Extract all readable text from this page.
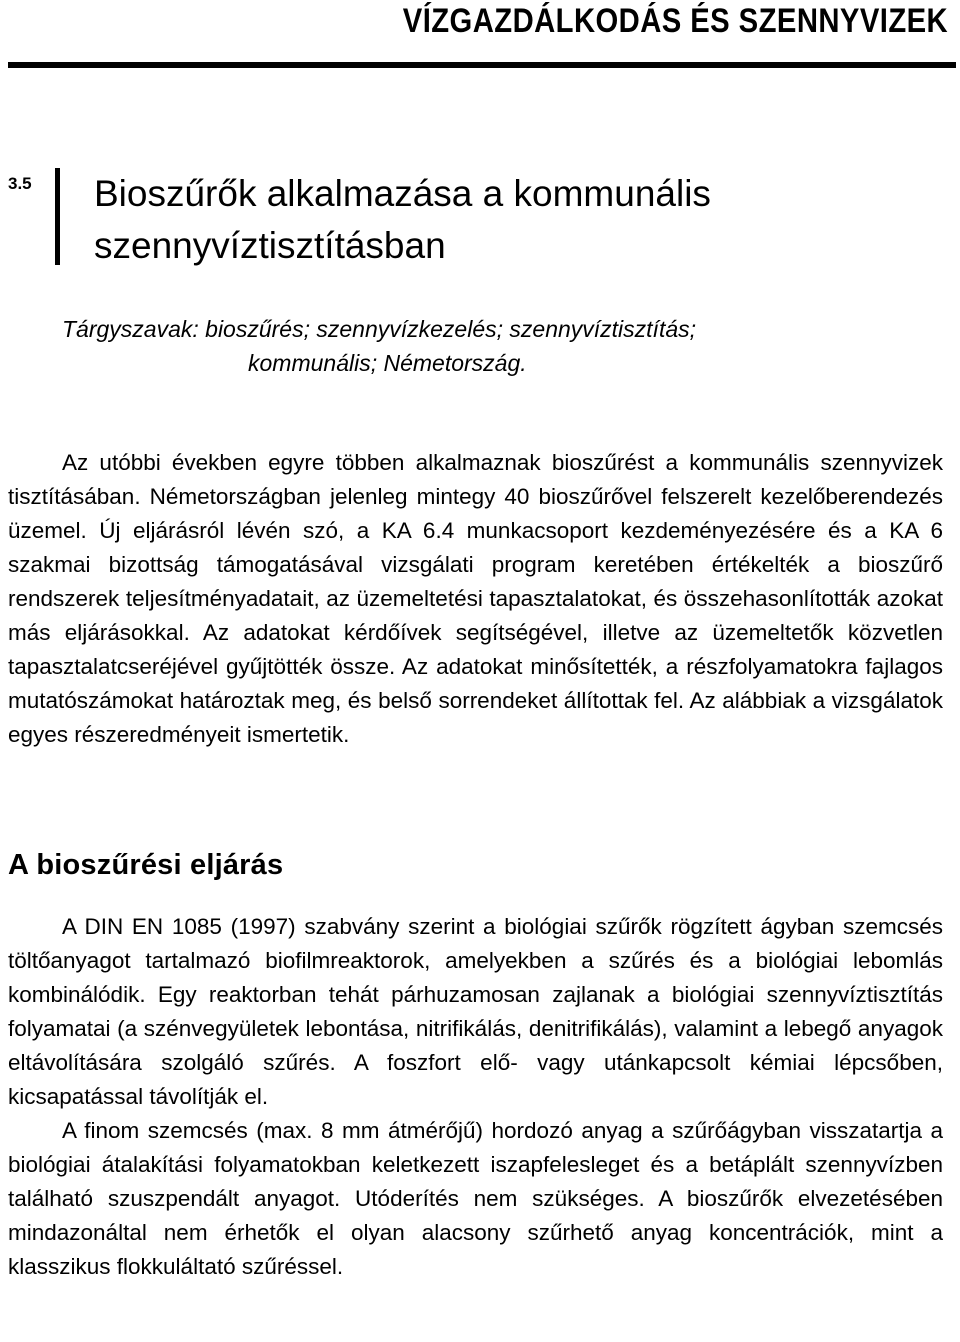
VÍZGAZDÁLKODÁS ÉS SZENNYVIZEK
3.5 Bioszűrők alkalmazása a kommunális szennyvíztisztításban
Tárgyszavak: bioszűrés; szennyvízkezelés; szennyvíztisztítás;
kommunális; Németország.

Az utóbbi években egyre többen alkalmaznak bioszűrést a kommunális szennyvizek tisztításában. Németországban jelenleg mintegy 40 bioszűrővel felszerelt kezelőberendezés üzemel. Új eljárásról lévén szó, a KA 6.4 munkacsoport kezdeményezésére és a KA 6 szakmai bizottság támogatásával vizsgálati program keretében értékelték a bioszűrő rendszerek teljesítményadatait, az üzemeltetési tapasztalatokat, és összehasonlították azokat más eljárásokkal. Az adatokat kérdőívek segítségével, illetve az üzemeltetők közvetlen tapasztalatcseréjével gyűjtötték össze. Az adatokat minősítették, a részfolyamatokra fajlagos mutatószámokat határoztak meg, és belső sorrendeket állítottak fel. Az alábbiak a vizsgálatok egyes részeredményeit ismertetik.

A bioszűrési eljárás

A DIN EN 1085 (1997) szabvány szerint a biológiai szűrők rögzített ágyban szemcsés töltőanyagot tartalmazó biofilmreaktorok, amelyekben a szűrés és a biológiai lebomlás kombinálódik. Egy reaktorban tehát párhuzamosan zajlanak a biológiai szennyvíztisztítás folyamatai (a szénvegyületek lebontása, nitrifikálás, denitrifikálás), valamint a lebegő anyagok eltávolítására szolgáló szűrés. A foszfort elő- vagy utánkapcsolt kémiai lépcsőben, kicsapatással távolítják el.

A finom szemcsés (max. 8 mm átmérőjű) hordozó anyag a szűrőágyban visszatartja a biológiai átalakítási folyamatokban keletkezett iszapfelesleget és a betáplált szennyvízben található szuszpendált anyagot. Utóderítés nem szükséges. A bioszűrők elvezetésében mindazonáltal nem érhetők el olyan alacsony szűrhető anyag koncentrációk, mint a klasszikus flokkuláltató szűréssel.
